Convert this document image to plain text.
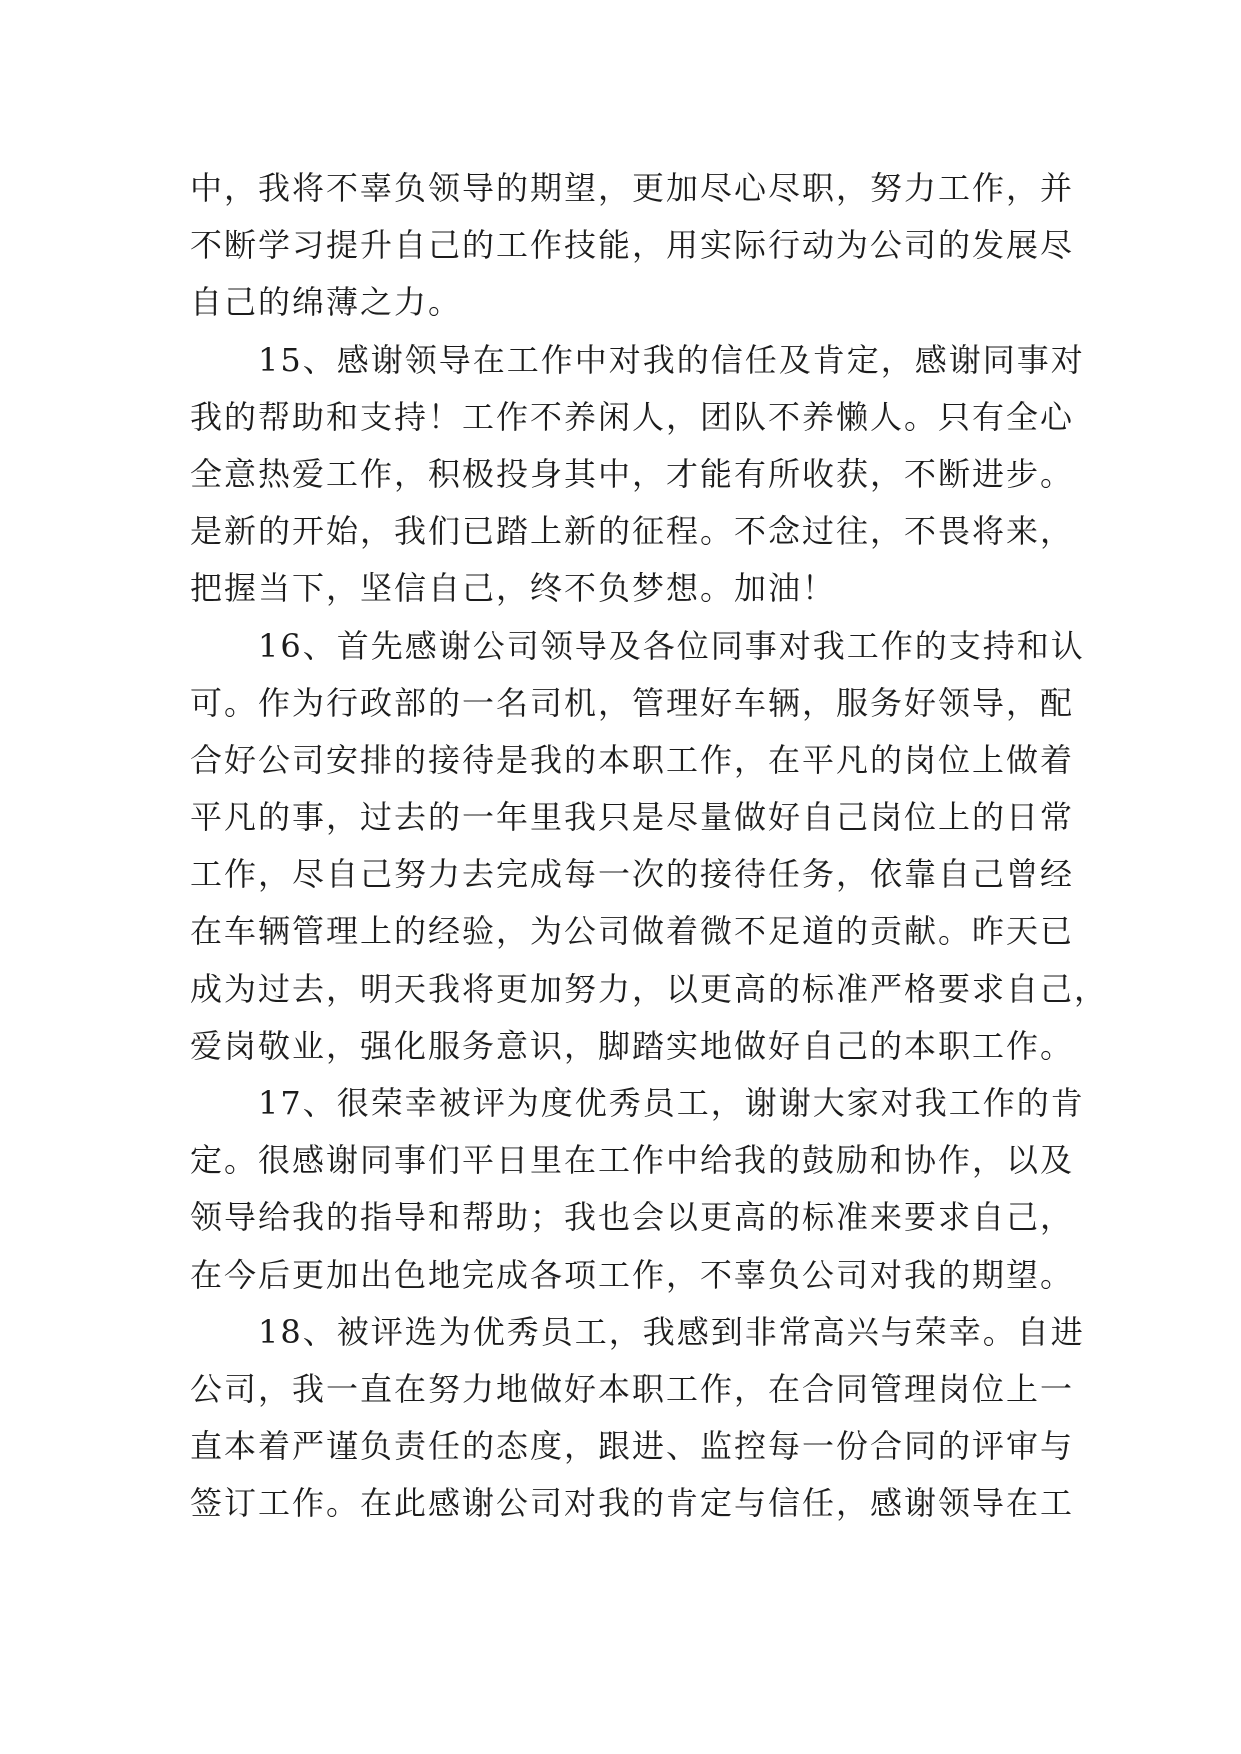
中，我将不辜负领导的期望，更加尽心尽职，努力工作，并
不断学习提升自己的工作技能，用实际行动为公司的发展尽
自己的绵薄之力。
　　15、感谢领导在工作中对我的信任及肯定，感谢同事对
我的帮助和支持！工作不养闲人，团队不养懒人。只有全心
全意热爱工作，积极投身其中，才能有所收获，不断进步。
是新的开始，我们已踏上新的征程。不念过往，不畏将来，
把握当下，坚信自己，终不负梦想。加油！
　　16、首先感谢公司领导及各位同事对我工作的支持和认
可。作为行政部的一名司机，管理好车辆，服务好领导，配
合好公司安排的接待是我的本职工作，在平凡的岗位上做着
平凡的事，过去的一年里我只是尽量做好自己岗位上的日常
工作，尽自己努力去完成每一次的接待任务，依靠自己曾经
在车辆管理上的经验，为公司做着微不足道的贡献。昨天已
成为过去，明天我将更加努力，以更高的标准严格要求自己，
爱岗敬业，强化服务意识，脚踏实地做好自己的本职工作。
　　17、很荣幸被评为度优秀员工，谢谢大家对我工作的肯
定。很感谢同事们平日里在工作中给我的鼓励和协作，以及
领导给我的指导和帮助；我也会以更高的标准来要求自己，
在今后更加出色地完成各项工作，不辜负公司对我的期望。
　　18、被评选为优秀员工，我感到非常高兴与荣幸。自进
公司，我一直在努力地做好本职工作，在合同管理岗位上一
直本着严谨负责任的态度，跟进、监控每一份合同的评审与
签订工作。在此感谢公司对我的肯定与信任，感谢领导在工
